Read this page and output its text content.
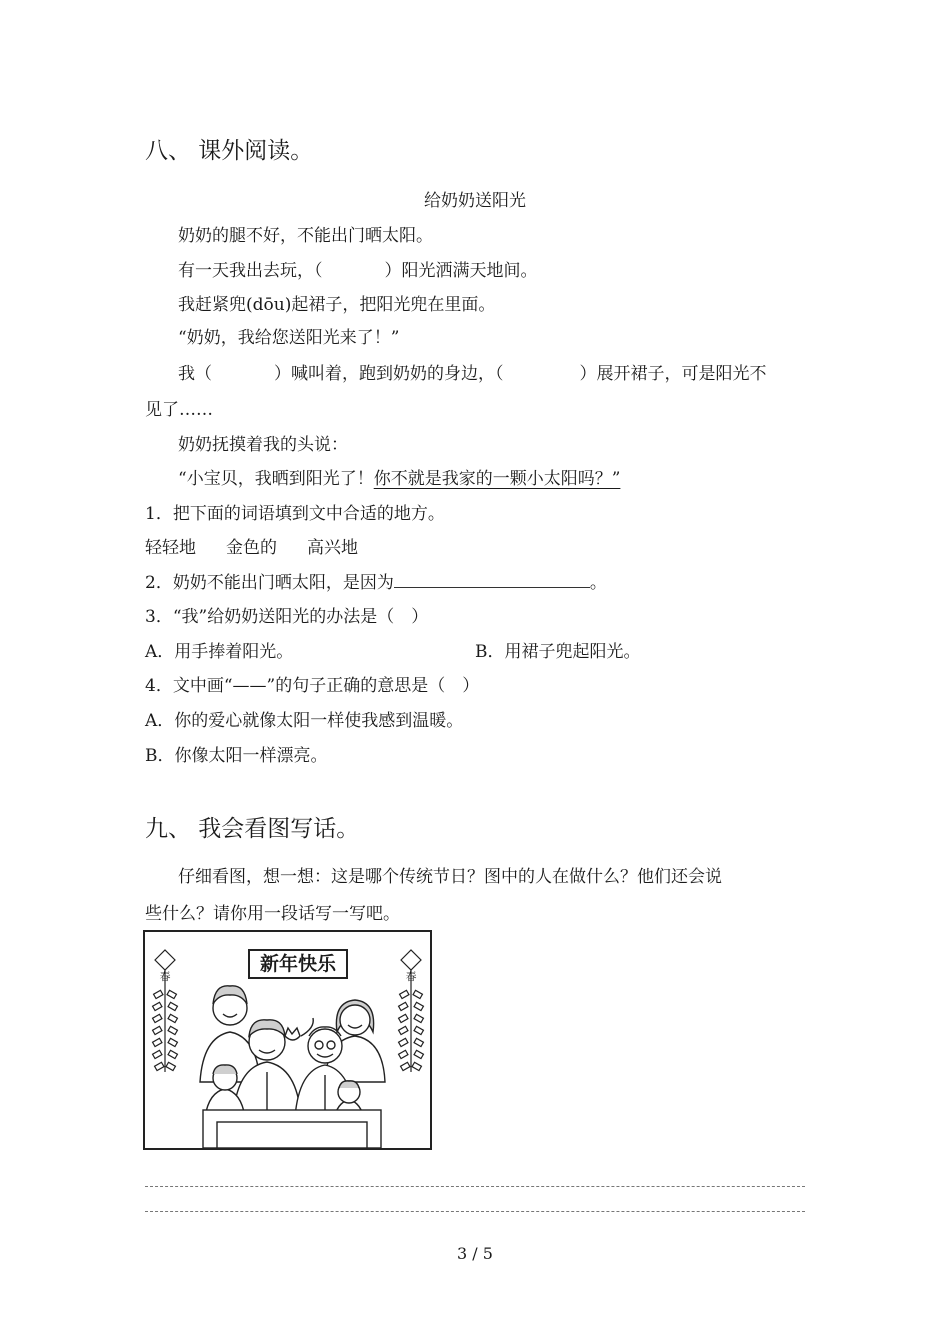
八、 课外阅读。
给奶奶送阳光
奶奶的腿不好，不能出门晒太阳。
有一天我出去玩，（	）阳光洒满天地间。
我赶紧兜(dōu)起裙子，把阳光兜在里面。
“奶奶，我给您送阳光来了！”
我（	）喊叫着，跑到奶奶的身边，（	）展开裙子，可是阳光不
见了……
奶奶抚摸着我的头说：
“小宝贝，我晒到阳光了！你不就是我家的一颗小太阳吗？”
1．把下面的词语填到文中合适的地方。
轻轻地 金色的 高兴地
2．奶奶不能出门晒太阳，是因为	。
3．“我”给奶奶送阳光的办法是（　）
A．用手捧着阳光。	B．用裙子兜起阳光。
4．文中画“——”的句子正确的意思是（　）
A．你的爱心就像太阳一样使我感到温暖。
B．你像太阳一样漂亮。
九、 我会看图写话。
仔细看图，想一想：这是哪个传统节日？图中的人在做什么？他们还会说
些什么？请你用一段话写一写吧。
新年快乐
春	春
3 / 5
